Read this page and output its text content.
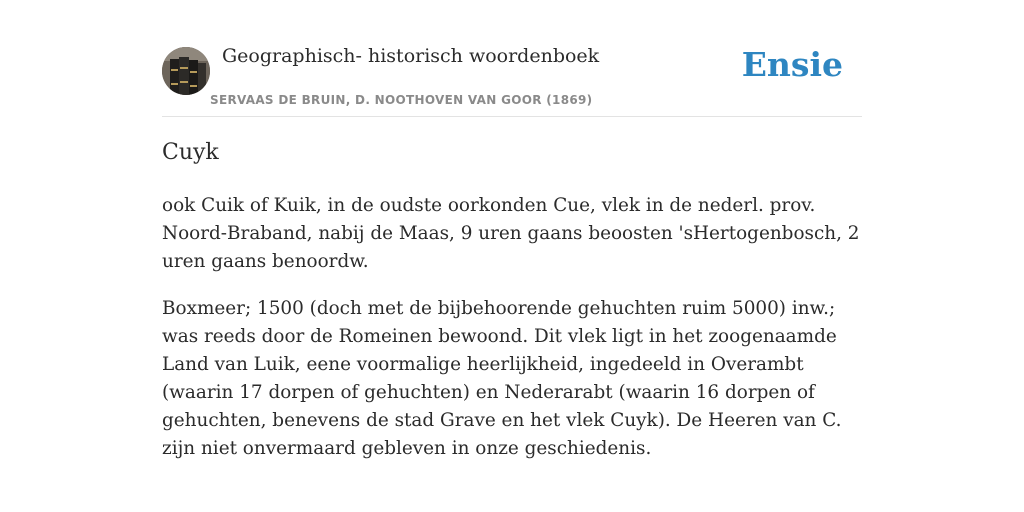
Geographisch- historisch woordenboek
SERVAAS DE BRUIN, D. NOOTHOVEN VAN GOOR (1869)
Ensie
Cuyk

ook Cuik of Kuik, in de oudste oorkonden Cue, vlek in de nederl. prov. Noord-Braband, nabij de Maas, 9 uren gaans beoosten 'sHertogenbosch, 2 uren gaans benoordw.

Boxmeer; 1500 (doch met de bijbehoorende gehuchten ruim 5000) inw.; was reeds door de Romeinen bewoond. Dit vlek ligt in het zoogenaamde Land van Luik, eene voormalige heerlijkheid, ingedeeld in Overambt (waarin 17 dorpen of gehuchten) en Nederarabt (waarin 16 dorpen of gehuchten, benevens de stad Grave en het vlek Cuyk). De Heeren van C. zijn niet onvermaard gebleven in onze geschiedenis.
